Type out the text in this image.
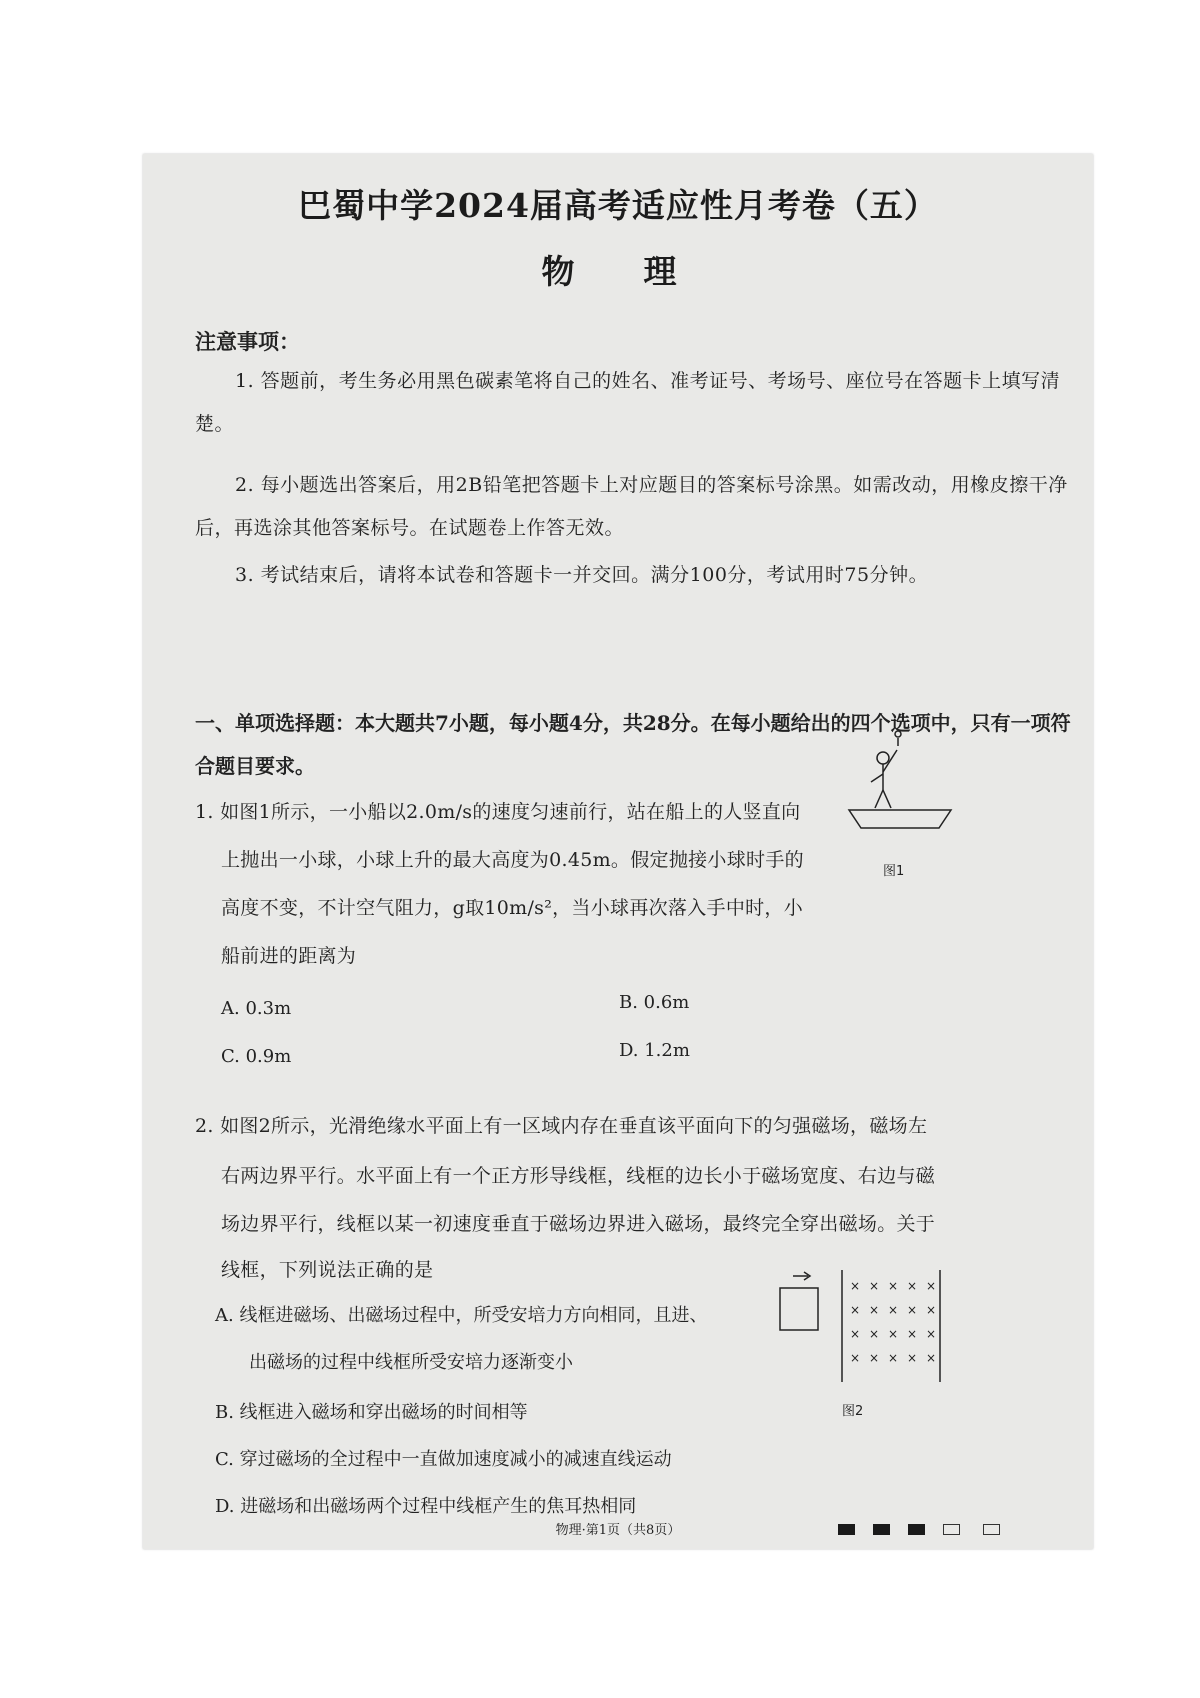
巴蜀中学2024届高考适应性月考卷（五）
物　理
注意事项：
1. 答题前，考生务必用黑色碳素笔将自己的姓名、准考证号、考场号、座位号在答题卡上填写清楚。
2. 每小题选出答案后，用2B铅笔把答题卡上对应题目的答案标号涂黑。如需改动，用橡皮擦干净后，再选涂其他答案标号。在试题卷上作答无效。
3. 考试结束后，请将本试卷和答题卡一并交回。满分100分，考试用时75分钟。
一、单项选择题：本大题共7小题，每小题4分，共28分。在每小题给出的四个选项中，只有一项符合题目要求。
1. 如图1所示，一小船以2.0m/s的速度匀速前行，站在船上的人竖直向
上抛出一小球，小球上升的最大高度为0.45m。假定抛接小球时手的
高度不变，不计空气阻力，g取10m/s²，当小球再次落入手中时，小
船前进的距离为
A. 0.3m	B. 0.6m
C. 0.9m	D. 1.2m
图1
2. 如图2所示，光滑绝缘水平面上有一区域内存在垂直该平面向下的匀强磁场，磁场左
右两边界平行。水平面上有一个正方形导线框，线框的边长小于磁场宽度、右边与磁
场边界平行，线框以某一初速度垂直于磁场边界进入磁场，最终完全穿出磁场。关于
线框，下列说法正确的是
A. 线框进磁场、出磁场过程中，所受安培力方向相同，且进、
出磁场的过程中线框所受安培力逐渐变小
B. 线框进入磁场和穿出磁场的时间相等
C. 穿过磁场的全过程中一直做加速度减小的减速直线运动
D. 进磁场和出磁场两个过程中线框产生的焦耳热相同
× × × × ×
× × × × ×
× × × × ×
× × × × ×
图2
物理·第1页（共8页）
